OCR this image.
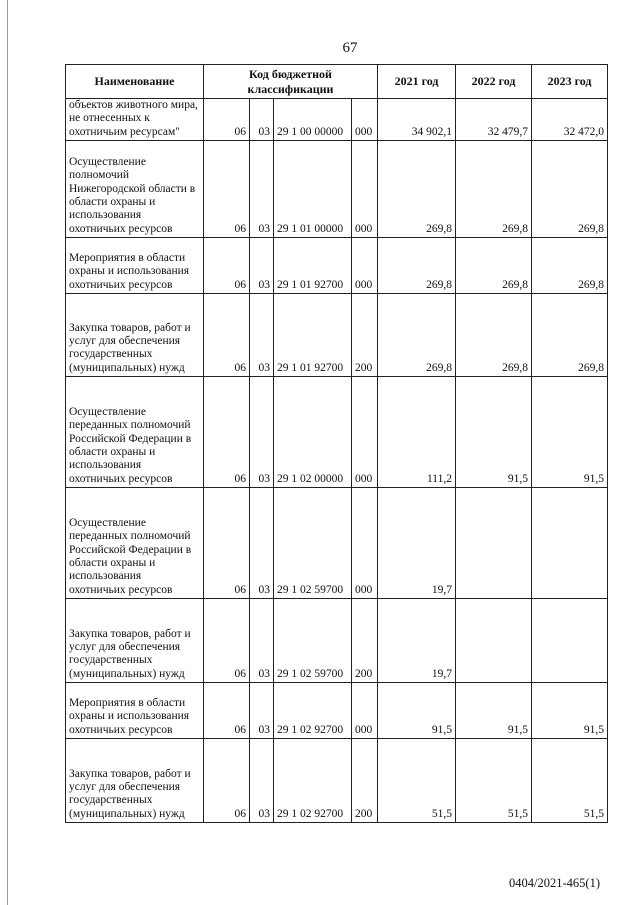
67
Наименование	Код бюджетной классификации				2021 год	2022 год	2023 год
объектов животного мира, не отнесенных к охотничьим ресурсам"	06	03	29 1 00 00000	000	34 902,1	32 479,7	32 472,0
Осуществление полномочий Нижегородской области в области охраны и использования охотничьих ресурсов	06	03	29 1 01 00000	000	269,8	269,8	269,8
Мероприятия в области охраны и использования охотничьих ресурсов	06	03	29 1 01 92700	000	269,8	269,8	269,8
Закупка товаров, работ и услуг для обеспечения государственных (муниципальных) нужд	06	03	29 1 01 92700	200	269,8	269,8	269,8
Осуществление переданных полномочий Российской Федерации в области охраны и использования охотничьих ресурсов	06	03	29 1 02 00000	000	111,2	91,5	91,5
Осуществление переданных полномочий Российской Федерации в области охраны и использования охотничьих ресурсов	06	03	29 1 02 59700	000	19,7		
Закупка товаров, работ и услуг для обеспечения государственных (муниципальных) нужд	06	03	29 1 02 59700	200	19,7		
Мероприятия в области охраны и использования охотничьих ресурсов	06	03	29 1 02 92700	000	91,5	91,5	91,5
Закупка товаров, работ и услуг для обеспечения государственных (муниципальных) нужд	06	03	29 1 02 92700	200	51,5	51,5	51,5
0404/2021-465(1)
